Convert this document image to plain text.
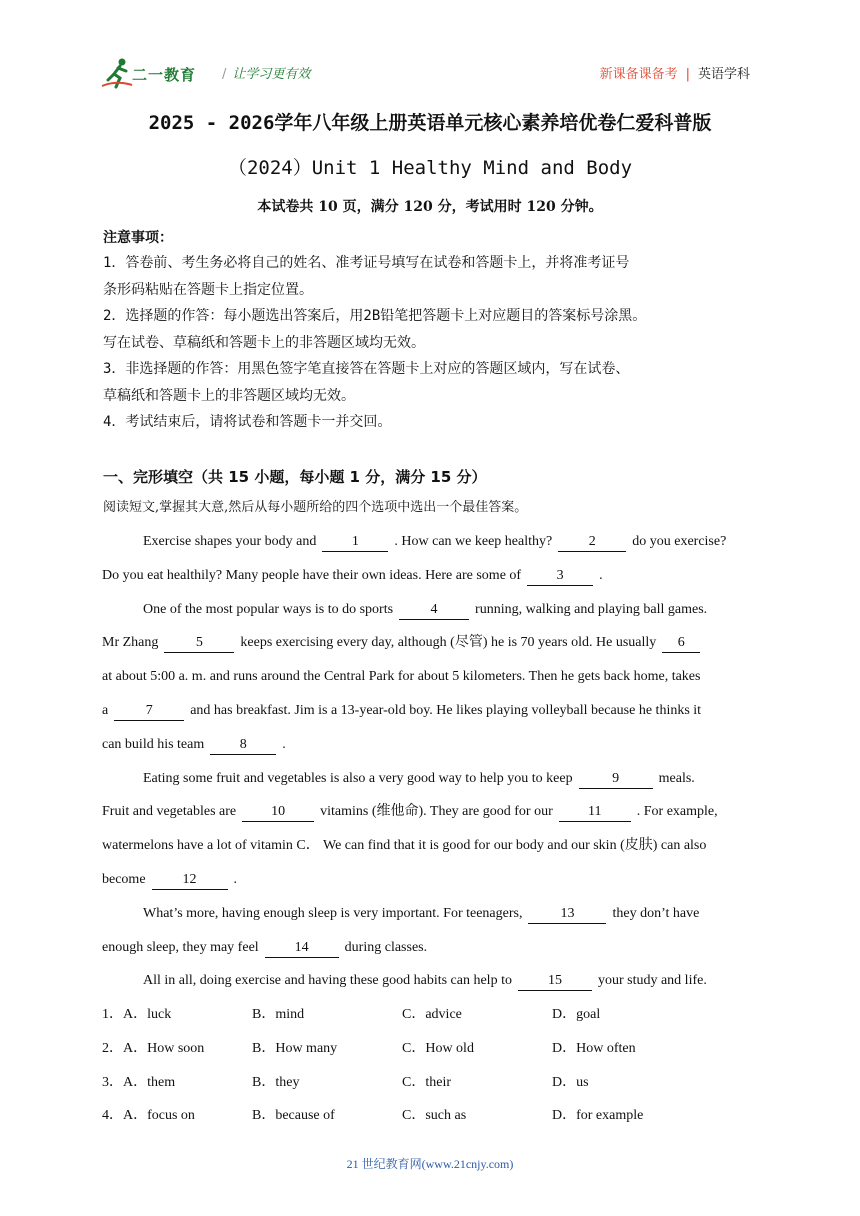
二一教育 / 让学习更有效	新课备课备考 | 英语学科
2025 - 2026学年八年级上册英语单元核心素养培优卷仁爱科普版
（2024）Unit 1 Healthy Mind and Body
本试卷共 10 页，满分 120 分，考试用时 120 分钟。
注意事项：
1．答卷前、考生务必将自己的姓名、准考证号填写在试卷和答题卡上，并将准考证号
条形码粘贴在答题卡上指定位置。
2．选择题的作答：每小题选出答案后，用2B铅笔把答题卡上对应题目的答案标号涂黑。
写在试卷、草稿纸和答题卡上的非答题区域均无效。
3．非选择题的作答：用黑色签字笔直接答在答题卡上对应的答题区域内，写在试卷、
草稿纸和答题卡上的非答题区域均无效。
4．考试结束后，请将试卷和答题卡一并交回。
一、完形填空（共 15 小题，每小题 1 分，满分 15 分）
阅读短文,掌握其大意,然后从每小题所给的四个选项中选出一个最佳答案。
Exercise shapes your body and	1	. How can we keep healthy?	2	do you exercise?
Do you eat healthily? Many people have their own ideas. Here are some of	3	.
One of the most popular ways is to do sports	4	running, walking and playing ball games.
Mr Zhang	5	keeps exercising every day, although (尽管) he is 70 years old. He usually 6
at about 5:00 a. m. and runs around the Central Park for about 5 kilometers. Then he gets back home, takes
a	7	and has breakfast. Jim is a 13-year-old boy. He likes playing volleyball because he thinks it
can build his team	8	.
Eating some fruit and vegetables is also a very good way to help you to keep	9	meals.
Fruit and vegetables are	10	vitamins (维他命). They are good for our	11	. For example,
watermelons have a lot of vitamin C． We can find that it is good for our body and our skin (皮肤) can also
become	12	.
What’s more, having enough sleep is very important. For teenagers,	13	they don’t have
enough sleep, they may feel	14	during classes.
All in all, doing exercise and having these good habits can help to	15	your study and life.
1．A．luck	B．mind	C．advice	D．goal
2．A．How soon	B．How many	C．How old	D．How often
3．A．them	B．they	C．their	D．us
4．A．focus on	B．because of	C．such as	D．for example
21 世纪教育网(www.21cnjy.com)
